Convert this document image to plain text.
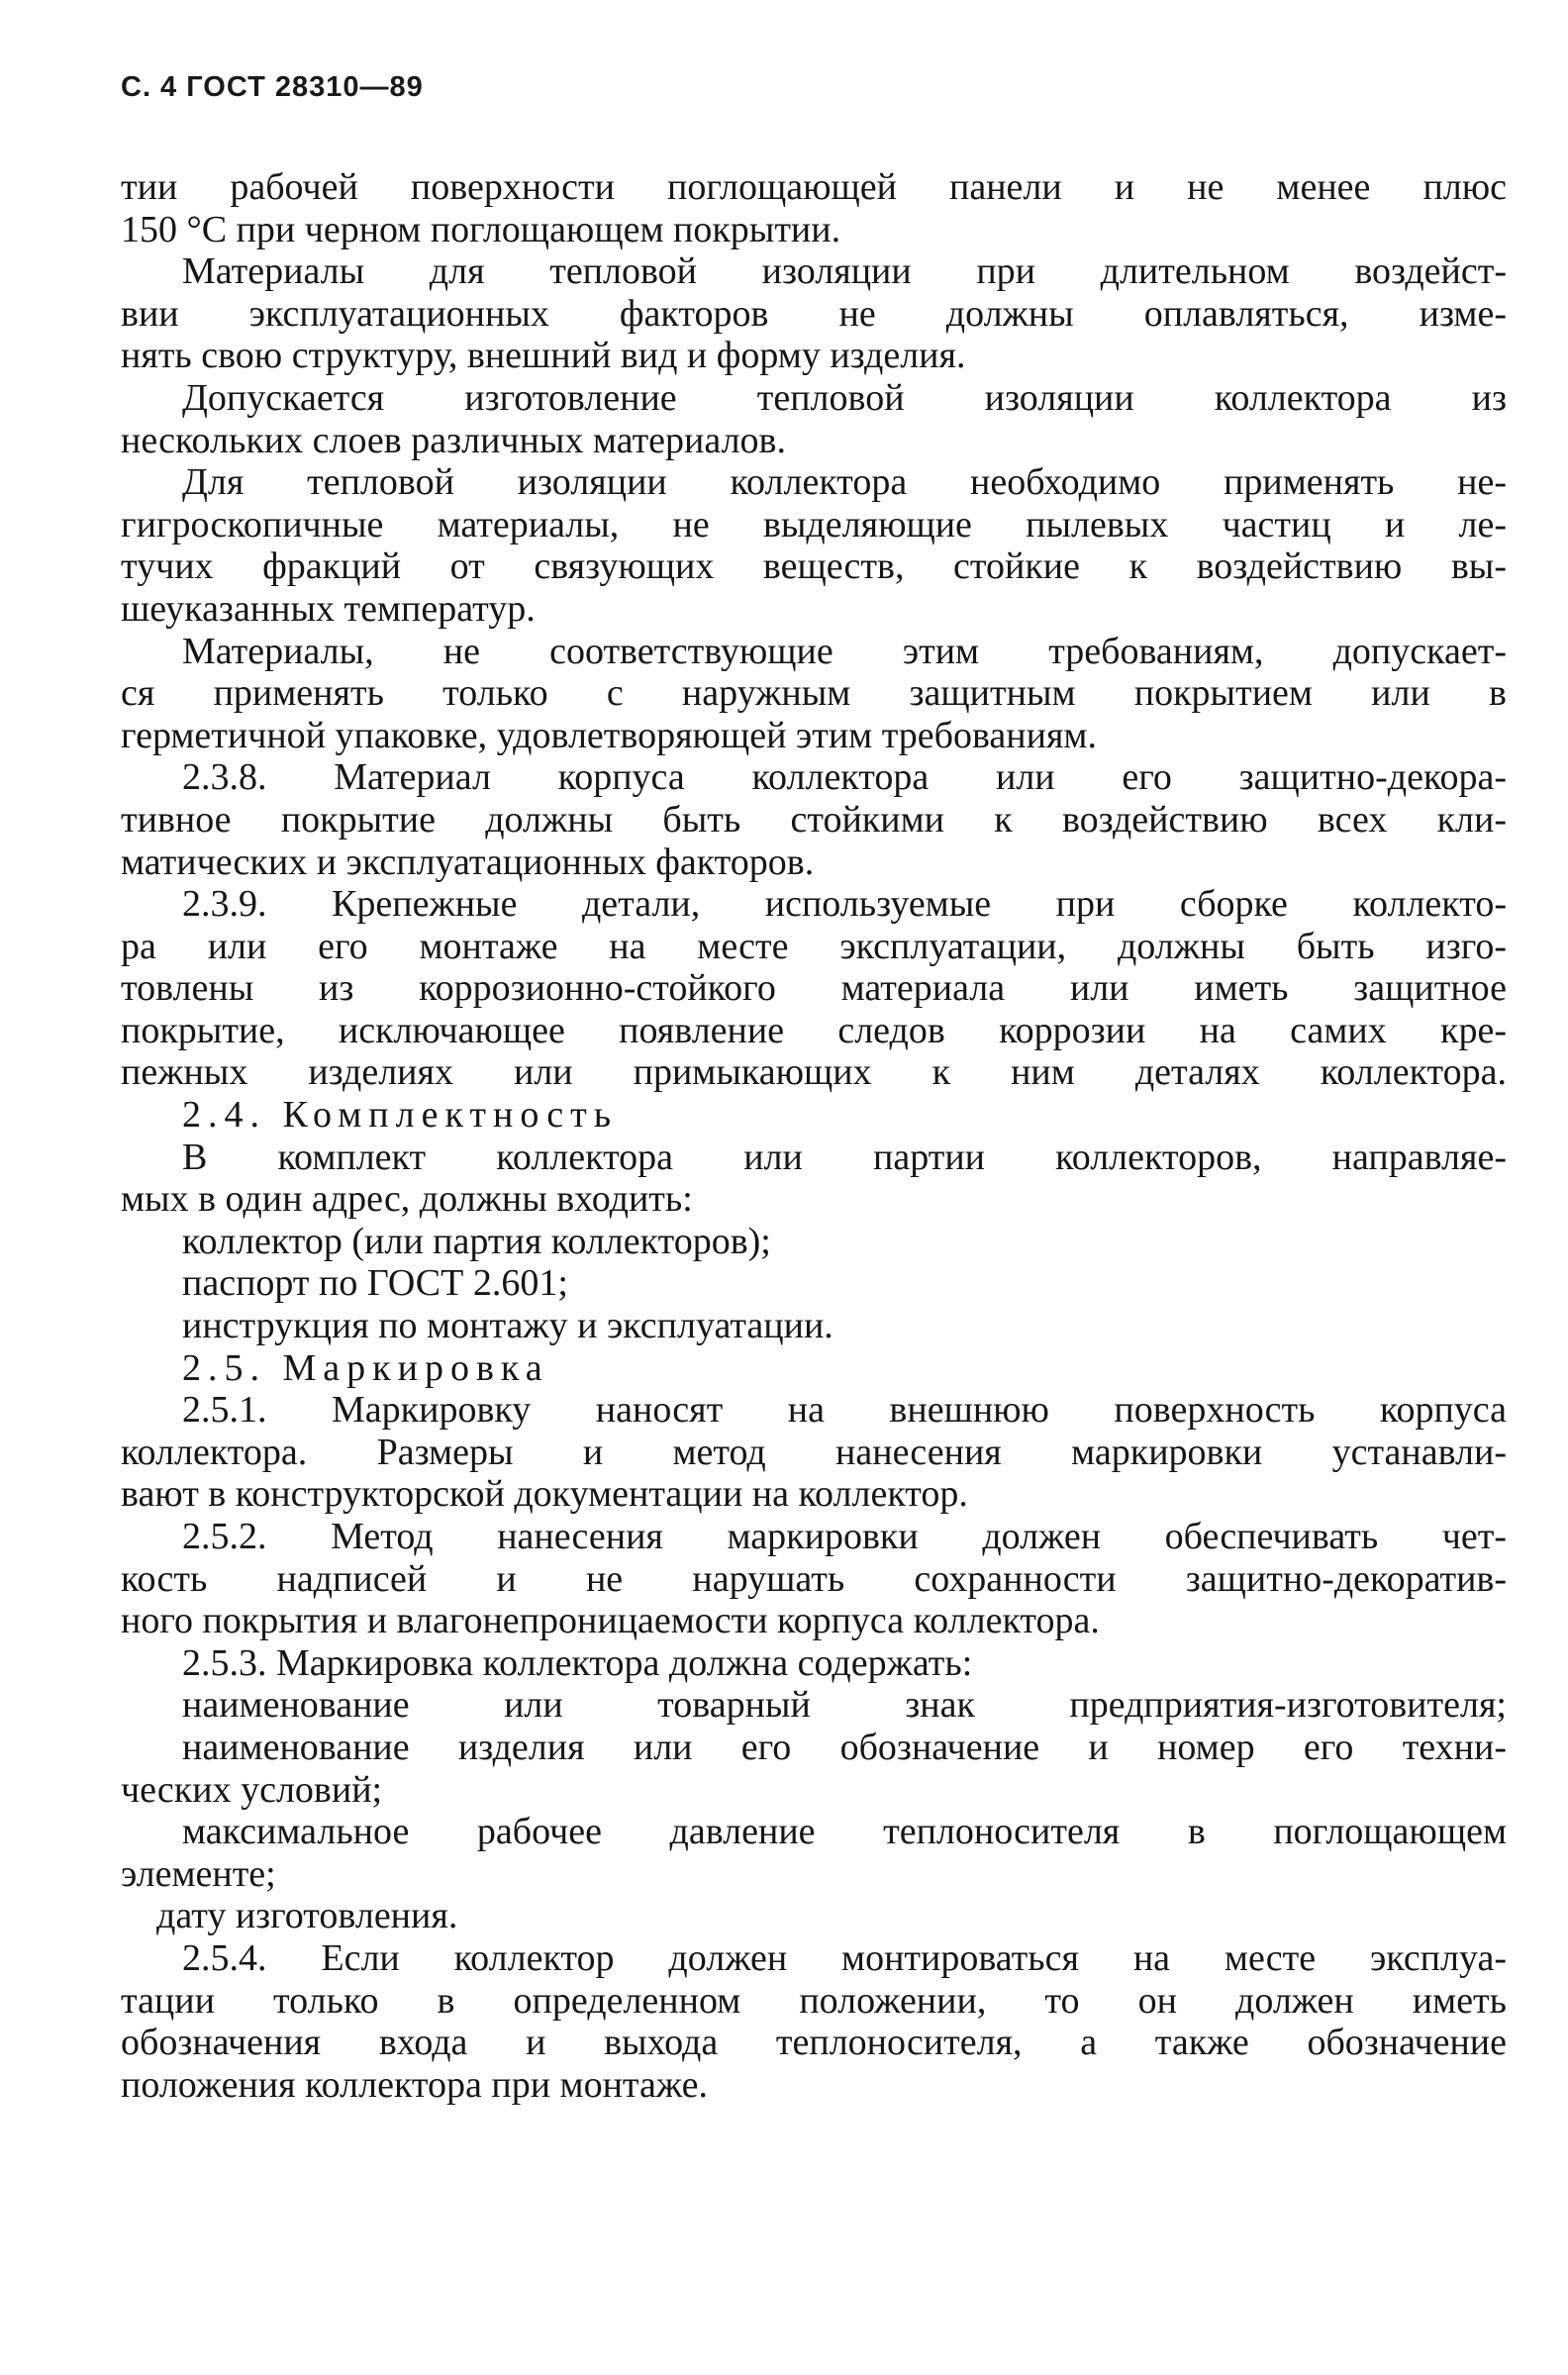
С. 4 ГОСТ 28310—89
тии рабочей поверхности поглощающей панели и не менее плюс
150 °С при черном поглощающем покрытии.
Материалы для тепловой изоляции при длительном воздейст-
вии эксплуатационных факторов не должны оплавляться, изме-
нять свою структуру, внешний вид и форму изделия.
Допускается изготовление тепловой изоляции коллектора из
нескольких слоев различных материалов.
Для тепловой изоляции коллектора необходимо применять не-
гигроскопичные материалы, не выделяющие пылевых частиц и ле-
тучих фракций от связующих веществ, стойкие к воздействию вы-
шеуказанных температур.
Материалы, не соответствующие этим требованиям, допускает-
ся применять только с наружным защитным покрытием или в
герметичной упаковке, удовлетворяющей этим требованиям.
2.3.8. Материал корпуса коллектора или его защитно-декора-
тивное покрытие должны быть стойкими к воздействию всех кли-
матических и эксплуатационных факторов.
2.3.9. Крепежные детали, используемые при сборке коллекто-
ра или его монтаже на месте эксплуатации, должны быть изго-
товлены из коррозионно-стойкого материала или иметь защитное
покрытие, исключающее появление следов коррозии на самих кре-
пежных изделиях или примыкающих к ним деталях коллектора.
2.4. Комплектность
В комплект коллектора или партии коллекторов, направляе-
мых в один адрес, должны входить:
коллектор (или партия коллекторов);
паспорт по ГОСТ 2.601;
инструкция по монтажу и эксплуатации.
2.5. Маркировка
2.5.1. Маркировку наносят на внешнюю поверхность корпуса
коллектора. Размеры и метод нанесения маркировки устанавли-
вают в конструкторской документации на коллектор.
2.5.2. Метод нанесения маркировки должен обеспечивать чет-
кость надписей и не нарушать сохранности защитно-декоратив-
ного покрытия и влагонепроницаемости корпуса коллектора.
2.5.3. Маркировка коллектора должна содержать:
наименование или товарный знак предприятия-изготовителя;
наименование изделия или его обозначение и номер его техни-
ческих условий;
максимальное рабочее давление теплоносителя в поглощающем
элементе;
дату изготовления.
2.5.4. Если коллектор должен монтироваться на месте эксплуа-
тации только в определенном положении, то он должен иметь
обозначения входа и выхода теплоносителя, а также обозначение
положения коллектора при монтаже.
